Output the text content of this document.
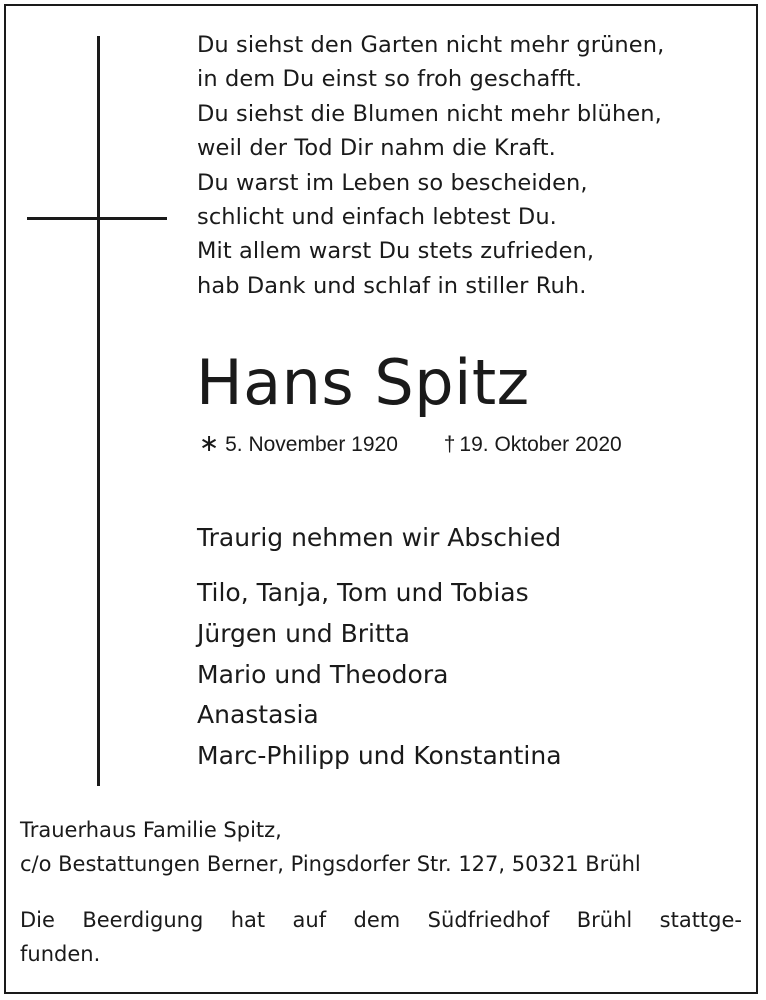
Du siehst den Garten nicht mehr grünen,
in dem Du einst so froh geschafft.
Du siehst die Blumen nicht mehr blühen,
weil der Tod Dir nahm die Kraft.
Du warst im Leben so bescheiden,
schlicht und einfach lebtest Du.
Mit allem warst Du stets zufrieden,
hab Dank und schlaf in stiller Ruh.
Hans Spitz
∗ 5. November 1920 † 19. Oktober 2020
Traurig nehmen wir Abschied
Tilo, Tanja, Tom und Tobias
Jürgen und Britta
Mario und Theodora
Anastasia
Marc-Philipp und Konstantina
Trauerhaus Familie Spitz,
c/o Bestattungen Berner, Pingsdorfer Str. 127, 50321 Brühl
Die Beerdigung hat auf dem Südfriedhof Brühl stattge-
funden.
